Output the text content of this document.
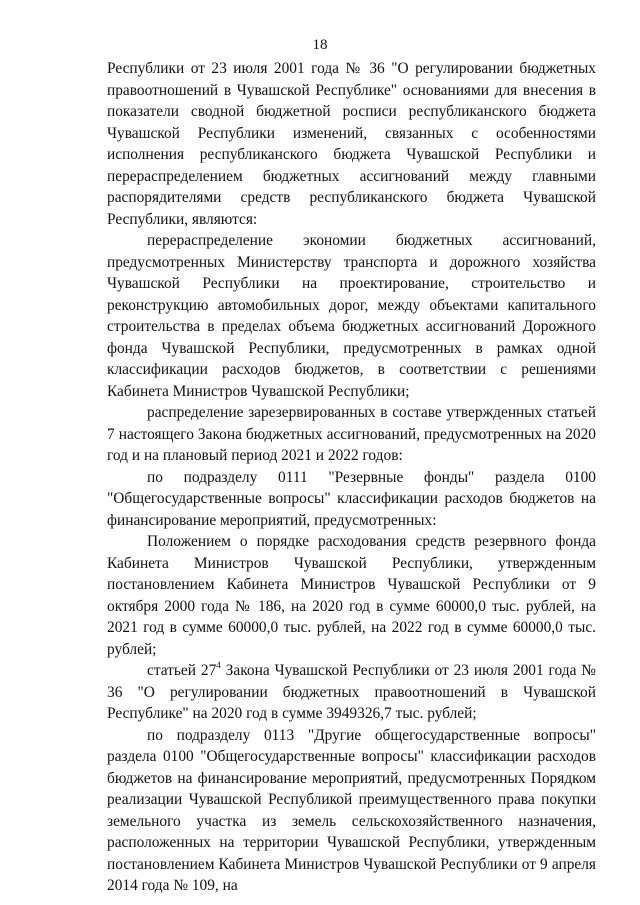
18

Республики от 23 июля 2001 года № 36 "О регулировании бюджетных правоотношений в Чувашской Республике" основаниями для внесения в показатели сводной бюджетной росписи республиканского бюджета Чувашской Республики изменений, связанных с особенностями исполнения республиканского бюджета Чувашской Республики и перераспределением бюджетных ассигнований между главными распорядителями средств республиканского бюджета Чувашской Республики, являются:

перераспределение экономии бюджетных ассигнований, предусмотренных Министерству транспорта и дорожного хозяйства Чувашской Республики на проектирование, строительство и реконструкцию автомобильных дорог, между объектами капитального строительства в пределах объема бюджетных ассигнований Дорожного фонда Чувашской Республики, предусмотренных в рамках одной классификации расходов бюджетов, в соответствии с решениями Кабинета Министров Чувашской Республики;

распределение зарезервированных в составе утвержденных статьей 7 настоящего Закона бюджетных ассигнований, предусмотренных на 2020 год и на плановый период 2021 и 2022 годов:

по подразделу 0111 "Резервные фонды" раздела 0100 "Общегосударственные вопросы" классификации расходов бюджетов на финансирование мероприятий, предусмотренных:

Положением о порядке расходования средств резервного фонда Кабинета Министров Чувашской Республики, утвержденным постановлением Кабинета Министров Чувашской Республики от 9 октября 2000 года № 186, на 2020 год в сумме 60000,0 тыс. рублей, на 2021 год в сумме 60000,0 тыс. рублей, на 2022 год в сумме 60000,0 тыс. рублей;

статьей $27^4$ Закона Чувашской Республики от 23 июля 2001 года № 36 "О регулировании бюджетных правоотношений в Чувашской Республике" на 2020 год в сумме 3949326,7 тыс. рублей;

по подразделу 0113 "Другие общегосударственные вопросы" раздела 0100 "Общегосударственные вопросы" классификации расходов бюджетов на финансирование мероприятий, предусмотренных Порядком реализации Чувашской Республикой преимущественного права покупки земельного участка из земель сельскохозяйственного назначения, расположенных на территории Чувашской Республики, утвержденным постановлением Кабинета Министров Чувашской Республики от 9 апреля 2014 года № 109, на
